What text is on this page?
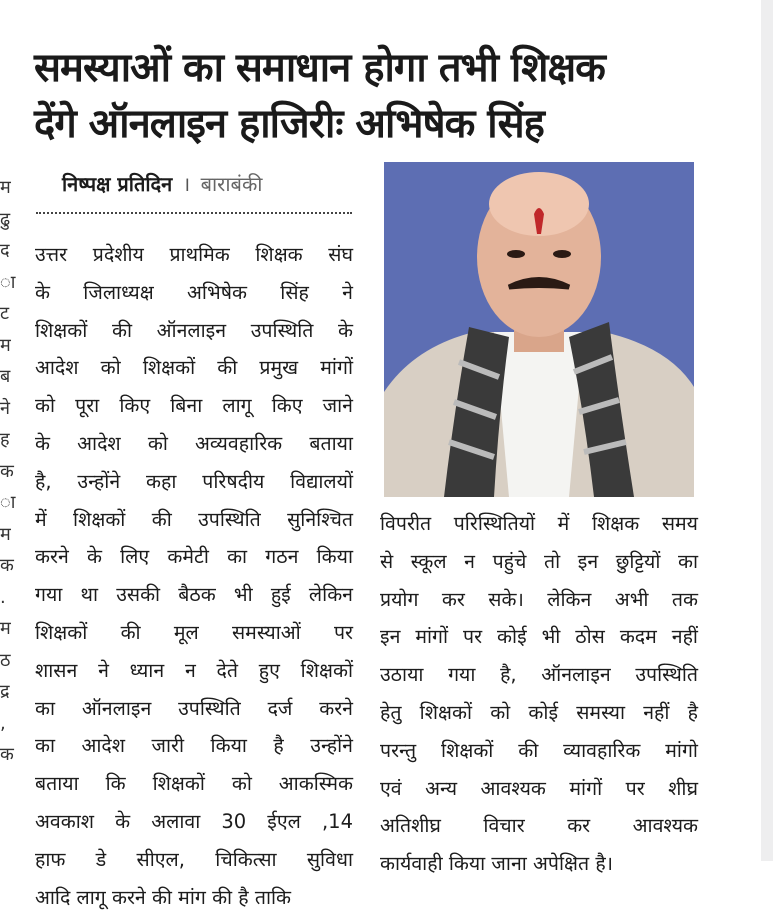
म
ढु
द
ा
ट
म
ब
ने
ह
क
ा
म
क
.
म
ठ
द्र
,
क
समस्याओं का समाधान होगा तभी शिक्षक
देंगे ऑनलाइन हाजिरीः अभिषेक सिंह
निष्पक्ष प्रतिदिन । बाराबंकी
उत्तर प्रदेशीय प्राथमिक शिक्षक संघ
के जिलाध्यक्ष अभिषेक सिंह ने
शिक्षकों की ऑनलाइन उपस्थिति के
आदेश को शिक्षकों की प्रमुख मांगों
को पूरा किए बिना लागू किए जाने
के आदेश को अव्यवहारिक बताया
है, उन्होंने कहा परिषदीय विद्यालयों
में शिक्षकों की उपस्थिति सुनिश्चित
करने के लिए कमेटी का गठन किया
गया था उसकी बैठक भी हुई लेकिन
शिक्षकों की मूल समस्याओं पर
शासन ने ध्यान न देते हुए शिक्षकों
का ऑनलाइन उपस्थिति दर्ज करने
का आदेश जारी किया है उन्होंने
बताया कि शिक्षकों को आकस्मिक
अवकाश के अलावा 30 ईएल ,14
हाफ डे सीएल, चिकित्सा सुविधा
आदि लागू करने की मांग की है ताकि
विपरीत परिस्थितियों में शिक्षक समय
से स्कूल न पहुंचे तो इन छुट्टियों का
प्रयोग कर सके। लेकिन अभी तक
इन मांगों पर कोई भी ठोस कदम नहीं
उठाया गया है, ऑनलाइन उपस्थिति
हेतु शिक्षकों को कोई समस्या नहीं है
परन्तु शिक्षकों की व्यावहारिक मांगो
एवं अन्य आवश्यक मांगों पर शीघ्र
अतिशीघ्र विचार कर आवश्यक
कार्यवाही किया जाना अपेक्षित है।
